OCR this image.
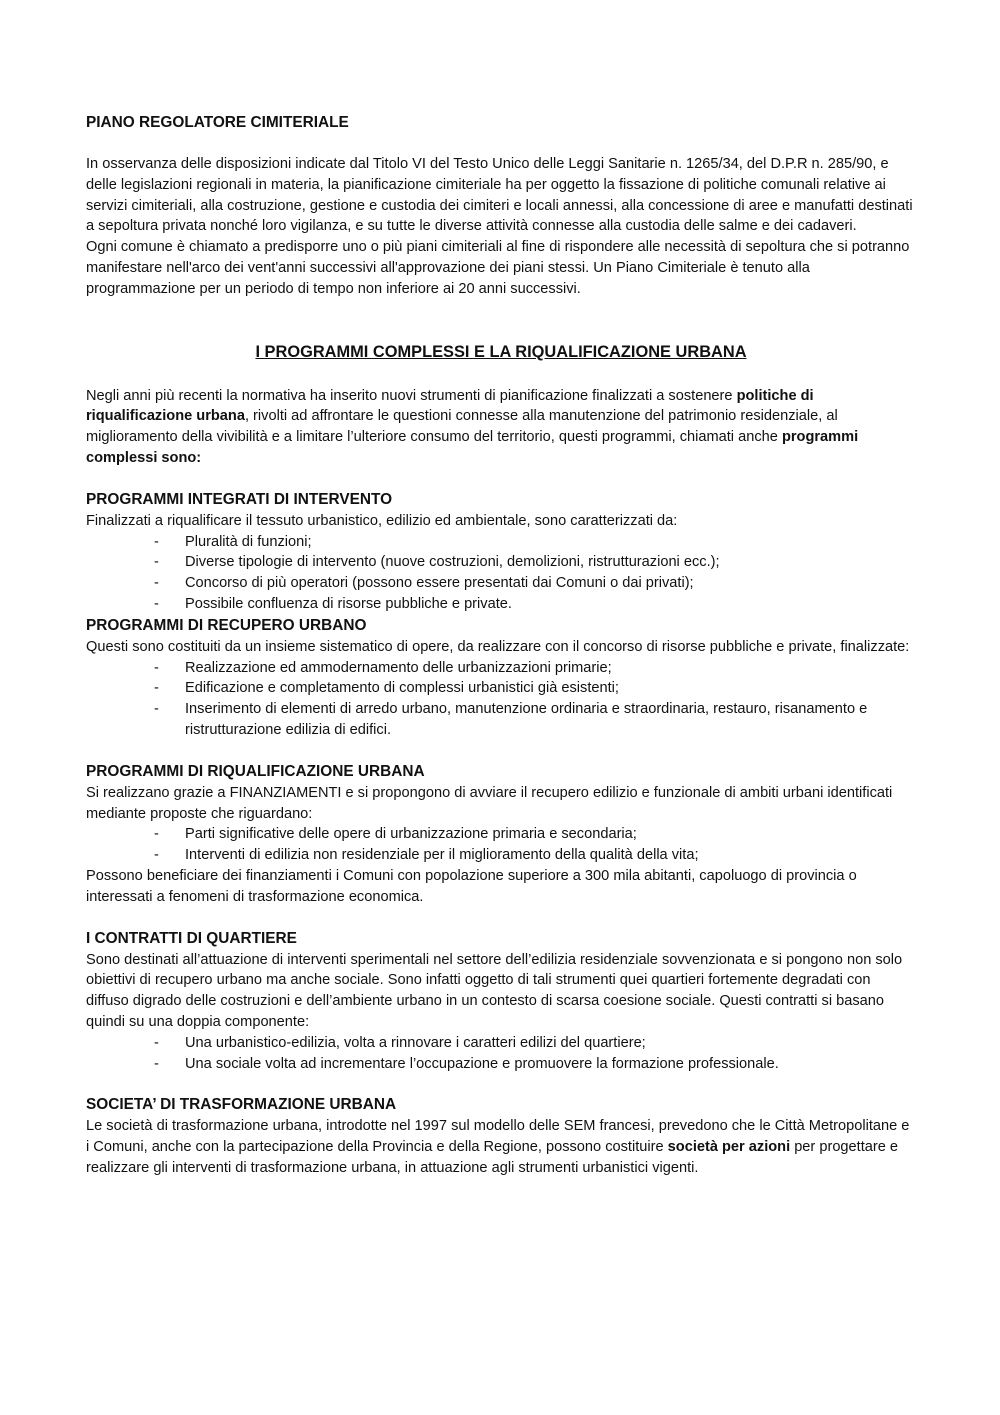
PIANO REGOLATORE CIMITERIALE

In osservanza delle disposizioni indicate dal Titolo VI del Testo Unico delle Leggi Sanitarie n. 1265/34, del D.P.R n. 285/90, e delle legislazioni regionali in materia, la pianificazione cimiteriale ha per oggetto la fissazione di politiche comunali relative ai servizi cimiteriali, alla costruzione, gestione e custodia dei cimiteri e locali annessi, alla concessione di aree e manufatti destinati a sepoltura privata nonché loro vigilanza, e su tutte le diverse attività connesse alla custodia delle salme e dei cadaveri.

Ogni comune è chiamato a predisporre uno o più piani cimiteriali al fine di rispondere alle necessità di sepoltura che si potranno manifestare nell'arco dei vent'anni successivi all'approvazione dei piani stessi. Un Piano Cimiteriale è tenuto alla programmazione per un periodo di tempo non inferiore ai 20 anni successivi.

I PROGRAMMI COMPLESSI E LA RIQUALIFICAZIONE URBANA

Negli anni più recenti la normativa ha inserito nuovi strumenti di pianificazione finalizzati a sostenere politiche di riqualificazione urbana, rivolti ad affrontare le questioni connesse alla manutenzione del patrimonio residenziale, al miglioramento della vivibilità e a limitare l’ulteriore consumo del territorio, questi programmi, chiamati anche programmi complessi sono:

PROGRAMMI INTEGRATI DI INTERVENTO

Finalizzati a riqualificare il tessuto urbanistico, edilizio ed ambientale, sono caratterizzati da:

- Pluralità di funzioni;
- Diverse tipologie di intervento (nuove costruzioni, demolizioni, ristrutturazioni ecc.);
- Concorso di più operatori (possono essere presentati dai Comuni o dai privati);
- Possibile confluenza di risorse pubbliche e private.
PROGRAMMI DI RECUPERO URBANO

Questi sono costituiti da un insieme sistematico di opere, da realizzare con il concorso di risorse pubbliche e private, finalizzate:

- Realizzazione ed ammodernamento delle urbanizzazioni primarie;
- Edificazione e completamento di complessi urbanistici già esistenti;
- Inserimento di elementi di arredo urbano, manutenzione ordinaria e straordinaria, restauro, risanamento e ristrutturazione edilizia di edifici.
PROGRAMMI DI RIQUALIFICAZIONE URBANA

Si realizzano grazie a FINANZIAMENTI e si propongono di avviare il recupero edilizio e funzionale di ambiti urbani identificati mediante proposte che riguardano:

- Parti significative delle opere di urbanizzazione primaria e secondaria;
- Interventi di edilizia non residenziale per il miglioramento della qualità della vita;

Possono beneficiare dei finanziamenti i Comuni con popolazione superiore a 300 mila abitanti, capoluogo di provincia o interessati a fenomeni di trasformazione economica.

I CONTRATTI DI QUARTIERE

Sono destinati all’attuazione di interventi sperimentali nel settore dell’edilizia residenziale sovvenzionata e si pongono non solo obiettivi di recupero urbano ma anche sociale. Sono infatti oggetto di tali strumenti quei quartieri fortemente degradati con diffuso digrado delle costruzioni e dell’ambiente urbano in un contesto di scarsa coesione sociale. Questi contratti si basano quindi su una doppia componente:

- Una urbanistico-edilizia, volta a rinnovare i caratteri edilizi del quartiere;
- Una sociale volta ad incrementare l’occupazione e promuovere la formazione professionale.
SOCIETA’ DI TRASFORMAZIONE URBANA

Le società di trasformazione urbana, introdotte nel 1997 sul modello delle SEM francesi, prevedono che le Città Metropolitane e i Comuni, anche con la partecipazione della Provincia e della Regione, possono costituire società per azioni per progettare e realizzare gli interventi di trasformazione urbana, in attuazione agli strumenti urbanistici vigenti.
